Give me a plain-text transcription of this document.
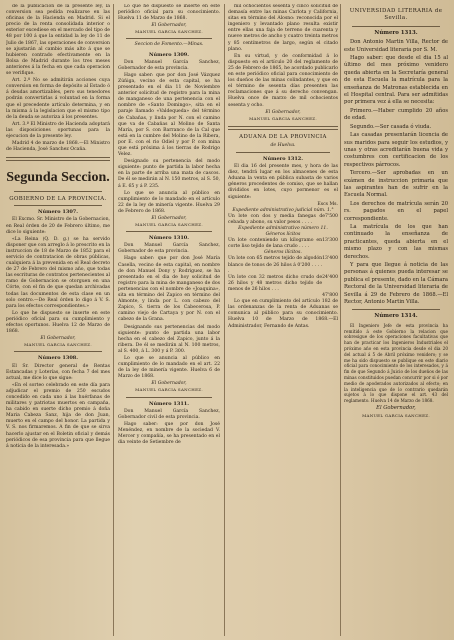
de la publicacion de la presente ley, la conversion sea pedida realizarse en las oficinas de la Hacienda en Madrid. Si el precio de la renta consolidada interior o exterior excediese en el mercado del tipo de 48 por 100 á que la entidad la ley de 11 de Julio de 1867, las operaciones de conversion se ajustarán al cambio más alto á que se hubieren contrado efectivamente en la Bolsa de Madrid durante los tres meses anteriores á la fecha en que cada operacion se verifique.

Art. 2.º No se admitirán acciones cuya conversion en forma de depósito al Estado ó á deudas amortizables, pero sus tenedores podrán convertirlas á voluntad en la forma que el precedente artículo determina, y en la misma á la legislacion que el mismo tipo de la deuda se autoriza á los presentes.

Art. 3.º El Ministro de Hacienda adoptará las disposiciones oportunas para la ejecucion de la presente ley.

Madrid 4 de marzo de 1868.—El Ministro de Hacienda, José Sanchez Ocaña.

Segunda Seccion.
GOBIERNO DE LA PROVINCIA.
Número 1307.

El Excmo. Sr. Ministro de la Gobernacion, en Real órden de 20 de Febrero último, me dice lo siguiente:

«La Reina (Q. D. g.) se ha servido disponer que con arreglo á lo prescrito en la instruccion de 18 de Marzo de 1852 para el servicio de contratacion de obras públicas, cualquiera á la prevenida en el Real decreto de 27 de Febrero del mismo año, que todas las escrituras de contratos pertenecientes al ramo de Gobernacion se otorguen en una Córte, con el fin de que quedan archivadas todas las documentos de esta clase en un solo centro.—De Real órden lo digo á V. S. para los efectos correspondientes.»

Lo que he dispuesto se inserte en este periódico oficial para su cumplimiento y efectos oportunos. Huelva 12 de Marzo de 1868.

El Gobernador,
MANUEL GARCIA SANCHEZ.
Número 1308.

El Sr. Director general de Rentas Estancadas y Loterías, con fecha 7 del mes actual, me dice lo que sigue:

«En el sorteo celebrado en este día para adjudicar el premio de 250 escudos concedido en cada uno á las huérfanas de militares y patriotas muertos en campaña, ha cabido en suerte dicho premio á doña Maria Cabeza Sanz, hija de don Juan, muerto en el campo del honor. La partida y V. S. nos firmaremos. A fin de que se sirva hacerlo ajustar en el Boletin oficial y demás periódicos de esa provincia para que llegue á noticia de la interesada.»

Lo que he dispuesto se inserte en este periódico oficial para su conocimiento. Huelva 11 de Marzo de 1868.

El Gobernador,
MANUEL GARCIA SANCHEZ.
Seccion de Fomento.—Minas.
Número 1309.

Don Manuel García Sanchez, Gobernador de esta provincia.

Hago saber: que por don José Vázquez Zúñiga, vecino de esta capital, se ha presentado en el dia 11 de Noviembre anterior solicitud de registro para la mina de manganeso de una pertenencia con el nombre de «Santo Domingo», sita en el paraje llamado «Valdequeda» del término de Cabañas, y linda por N. con el camino que va de Cabañas al Molino de Santa María, por S. con Barranco de la Cal que está en la cumbre del Molino de la Ribera, por E. con el rio Odiel y por P. con mina que está próxima á los tierras de Rodrigo Velez.

Designado su pertenencia del modo siguiente: punto de partida la labor hecha en la parte de arriba una mata de cascos. De él se medirán al N. 150 metros, al S. 50, á E. 65 y á P. 235.

Lo que se anuncia al público en cumplimiento de lo mandado en el artículo 22 de la ley de minería vigente. Huelva 29 de Febrero de 1868.

El Gobernador,
MANUEL GARCIA SANCHEZ.
Número 1310.

Don Manuel García Sanchez, Gobernador de esta provincia.

Hago saber: que por don José María Casella, vecino de esta capital, en nombre de don Manuel Dony y Rodriguez, se ha presentado en el dia de hoy solicitud de registro para la mina de manganeso de dos pertenencias con el nombre de «Joaquina», sita en término del Zapico en término del Almonte, y linda por L. con cabezo del Zapico, S. tierra de los Cabecerosa, P. camino viejo de Cartaya y por N. con el cabezo de la Grana.

Designando sus pertenencias del modo siguiente: punto de partida una labor hecha en el cabezo del Zapico, junto á la ribera. De él se medirán al N. 100 metros, al S. 400, á L. 300 y á P. 300.

Lo que se anuncia al público en cumplimiento de lo mandado en el art. 22 de la ley de minería vigente. Huelva 6 de Marzo de 1868.

El Gobernador,
MANUEL GARCIA SANCHEZ.
Número 1311.

Don Manuel García Sanchez, Gobernador civil de esta provincia.

Hago saber: que por don José Menéndez, en nombre de la sociedad V. Mercer y compañía, se ha presentado en el dia veinte de Setiembre de

mil ochocientos sesenta y cinco solicitud de demasía entre las minas Carlota y California, sitas en término del Alosno: reconocida por el ingeniero y levantado plano resulta existir entre ellas una faja de terreno de cuarenta y nueve metros de ancho y cuatro treinta metros y 85 centímetros de largo, según el citado plano.

En su virtud, y de conformidad á lo dispuesto en el artículo 20 del reglamento de 25 de Febrero de 1865, he acordado publicarlo en este periódico oficial para conocimiento de los dueños de las minas colindantes, y que en el término de sesenta días presenten las reclamaciones que á su derecho convengan. Huelva once de marzo de mil ochocientos sesenta y ocho.

El Gobernador,
MANUEL GARCIA SANCHEZ.
ADUANA DE LA PROVINCIA
de Huelva.
Número 1312.

El dia 16 del presente mes, y hora de las diez, tendrá lugar en los almacenes de esta Aduana la venta en pública subasta de varios géneros procedentes de comiso, que se hallan divididos en lotes, cuyo pormenor es el siguiente:

Escs Ms.
Expediente administrativo judicial núm. 1.°
Un lote con dos y media fanegas de cebada y abono, su valor pesos . . . .
7'500
Expediente administrativo número 11.
Géneros lícitos
Un lote conteniendo un kilogramo en corte liso tejido de lana crudo . . . .
13'300
Géneros ilícitos.
Un lote con 65 metros tejido de algodón blanco de tonos de 26 hilos á 0'200 . . . . .
13'400
Un lote con 32 metros dicho crudo de 26 hilos y 48 metros dicho tejido de menos de 26 hilos . . .
24'400
47'800

Lo que en cumplimiento del artículo 182 de las ordenanzas de la renta de Aduanas se comunica al público para su conocimiento. Huelva 10 de Marzo de 1868.—El Administrador, Fernando de Antas.

UNIVERSIDAD LITERARIA de Sevilla.
Número 1313.

Don Antonio Martin Villa, Rector de este Universidad literaria por S. M.

Hago saber: que desde el dia 15 al último del mes próximo venidero queda abierta en la Secretaría general de esta Escuela la matrícula para la enseñanza de Matronas establecida en el Hospital central. Para ser admitidas por primera vez á ella se necesita:

Primero.—Haber cumplido 20 años de edad.

Segundo.—Ser casada ó viuda.

Las casadas presentarán licencia de sus maridos para seguir los estudios, y unas y otras acreditarán buena vida y costumbres con certificacion de los respectivos párrocos.

Tercero.—Ser aprobadas en un exámen de instruccion primaria que las aspirantes han de sufrir en la Escuela Normal.

Los derechos de matrícula serán 20 rs. pagados en el papel correspondiente.

La matrícula de los que han continuado la enseñanza de practicantes, queda abierta en el mismo plazo y con las mismas derechos.

Y para que llegue á noticia de las personas á quienes pueda interesar se publica el presente, dado en la Cámara Rectoral de la Universidad literaria de Sevilla á 29 de Febrero de 1868.—El Rector, Antonio Martin Villa.

Número 1314.

El Ingeniero Jefe de esta provincia ha remitido á este Gobierno la relacion que sobresigue de los operaciones facultativas que han de practicar los Ingenieros Industriales el próximo año en esta provincia desde el dia 20 del actual á 5 de Abril próximo venidero; y se me ha sido dispuesto se publique en este diario oficial para conocimiento de los interesados, y á fin de que Segundo á Juicio de los dueños de las minas constituidos puedan concurrir por si ó por medio de apoderados autorizados al efecto; en la inteligencia que de lo contrario quedarán sujetos á lo que dispone el art. 43 del reglamento. Huelva 14 de Marzo de 1868.

El Gobernador,
MANUEL GARCIA SANCHEZ.
